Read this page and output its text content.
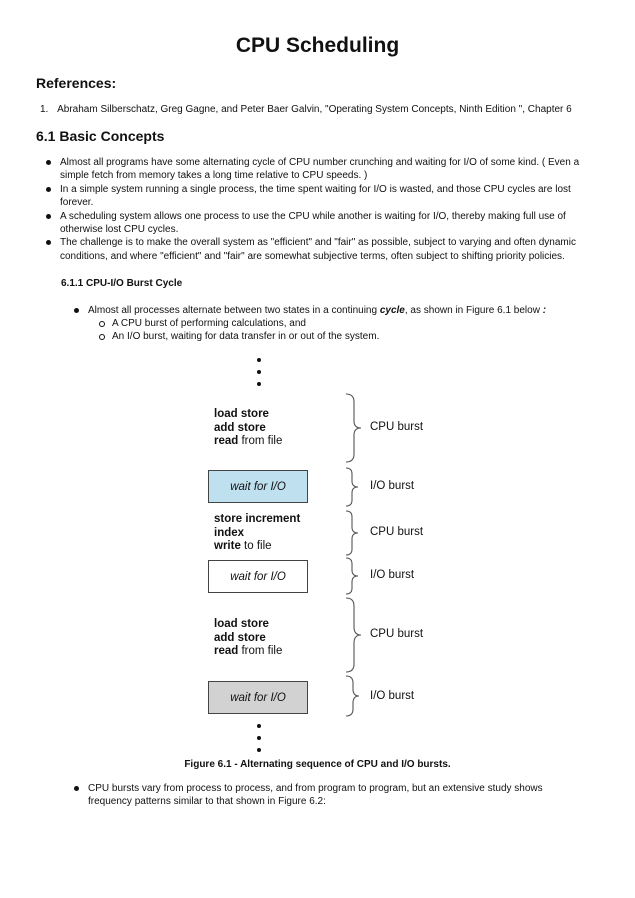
CPU Scheduling
References:
1. Abraham Silberschatz, Greg Gagne, and Peter Baer Galvin, "Operating System Concepts, Ninth Edition ", Chapter 6
6.1 Basic Concepts

Almost all programs have some alternating cycle of CPU number crunching and waiting for I/O of some kind. ( Even a simple fetch from memory takes a long time relative to CPU speeds. )

In a simple system running a single process, the time spent waiting for I/O is wasted, and those CPU cycles are lost forever.

A scheduling system allows one process to use the CPU while another is waiting for I/O, thereby making full use of otherwise lost CPU cycles.

The challenge is to make the overall system as "efficient" and "fair" as possible, subject to varying and often dynamic conditions, and where "efficient" and "fair" are somewhat subjective terms, often subject to shifting priority policies.

6.1.1 CPU-I/O Burst Cycle

Almost all processes alternate between two states in a continuing cycle, as shown in Figure 6.1 below :

A CPU burst of performing calculations, and
An I/O burst, waiting for data transfer in or out of the system.
load store
add store
read from file
wait for I/O
store increment
index
write to file
wait for I/O
load store
add store
read from file
wait for I/O
CPU burst
I/O burst
CPU burst
I/O burst
CPU burst
I/O burst
Figure 6.1 - Alternating sequence of CPU and I/O bursts.

CPU bursts vary from process to process, and from program to program, but an extensive study shows frequency patterns similar to that shown in Figure 6.2:
